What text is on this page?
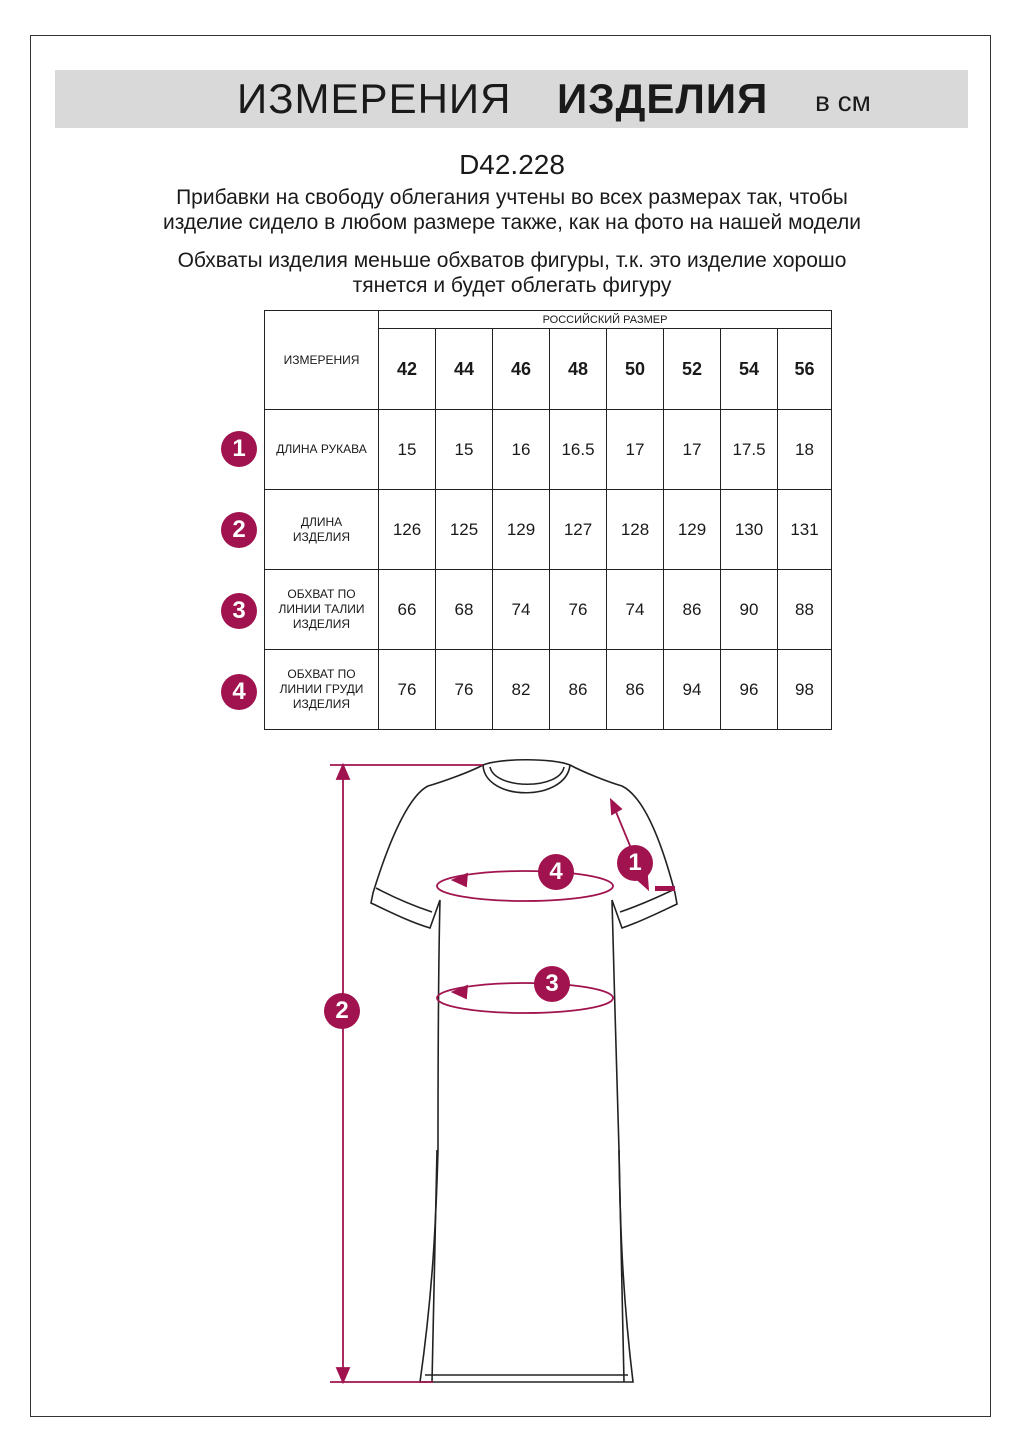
ИЗМЕРЕНИЯ ИЗДЕЛИЯ в см
D42.228
Прибавки на свободу облегания учтены во всех размерах так, чтобы
изделие сидело в любом размере также, как на фото на нашей модели
Обхваты изделия меньше обхватов фигуры, т.к. это изделие хорошо
тянется и будет облегать фигуру
ИЗМЕРЕНИЯ	РОССИЙСКИЙ РАЗМЕР							
	42	44	46	48	50	52	54	56

ДЛИНА РУКАВА	15	15	16	16.5	17	17	17.5	18

ДЛИНА
ИЗДЕЛИЯ	126	125	129	127	128	129	130	131

ОБХВАТ ПО
ЛИНИИ ТАЛИИ
ИЗДЕЛИЯ	66	68	74	76	74	86	90	88

ОБХВАТ ПО
ЛИНИИ ГРУДИ
ИЗДЕЛИЯ	76	76	82	86	86	94	96	98
1
2
3
4
1
2
3
4
